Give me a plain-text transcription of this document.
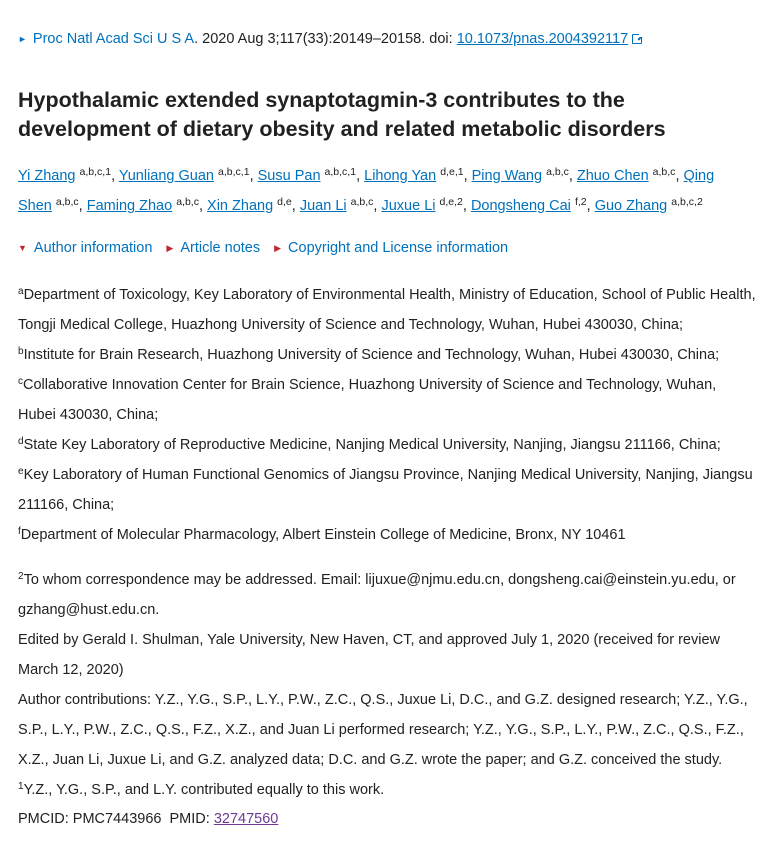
► Proc Natl Acad Sci U S A. 2020 Aug 3;117(33):20149–20158. doi: 10.1073/pnas.2004392117
Hypothalamic extended synaptotagmin-3 contributes to the development of dietary obesity and related metabolic disorders
Yi Zhang $^{a,b,c,1}$, Yunliang Guan $^{a,b,c,1}$, Susu Pan $^{a,b,c,1}$, Lihong Yan $^{d,e,1}$, Ping Wang $^{a,b,c}$, Zhuo Chen $^{a,b,c}$, Qing Shen $^{a,b,c}$, Faming Zhao $^{a,b,c}$, Xin Zhang $^{d,e}$, Juan Li $^{a,b,c}$, Juxue Li $^{d,e,2}$, Dongsheng Cai $^{f,2}$, Guo Zhang $^{a,b,c,2}$
▼ Author information ▶ Article notes ▶ Copyright and License information
$^a$Department of Toxicology, Key Laboratory of Environmental Health, Ministry of Education, School of Public Health, Tongji Medical College, Huazhong University of Science and Technology, Wuhan, Hubei 430030, China;
$^b$Institute for Brain Research, Huazhong University of Science and Technology, Wuhan, Hubei 430030, China;
$^c$Collaborative Innovation Center for Brain Science, Huazhong University of Science and Technology, Wuhan, Hubei 430030, China;
$^d$State Key Laboratory of Reproductive Medicine, Nanjing Medical University, Nanjing, Jiangsu 211166, China;
$^e$Key Laboratory of Human Functional Genomics of Jiangsu Province, Nanjing Medical University, Nanjing, Jiangsu 211166, China;
$^f$Department of Molecular Pharmacology, Albert Einstein College of Medicine, Bronx, NY 10461
$^2$To whom correspondence may be addressed. Email: lijuxue@njmu.edu.cn, dongsheng.cai@einstein.yu.edu, or gzhang@hust.edu.cn.
Edited by Gerald I. Shulman, Yale University, New Haven, CT, and approved July 1, 2020 (received for review March 12, 2020)
Author contributions: Y.Z., Y.G., S.P., L.Y., P.W., Z.C., Q.S., Juxue Li, D.C., and G.Z. designed research; Y.Z., Y.G., S.P., L.Y., P.W., Z.C., Q.S., F.Z., X.Z., and Juan Li performed research; Y.Z., Y.G., S.P., L.Y., P.W., Z.C., Q.S., F.Z., X.Z., Juan Li, Juxue Li, and G.Z. analyzed data; D.C. and G.Z. wrote the paper; and G.Z. conceived the study.
$^1$Y.Z., Y.G., S.P., and L.Y. contributed equally to this work.
PMCID: PMC7443966 PMID: 32747560
